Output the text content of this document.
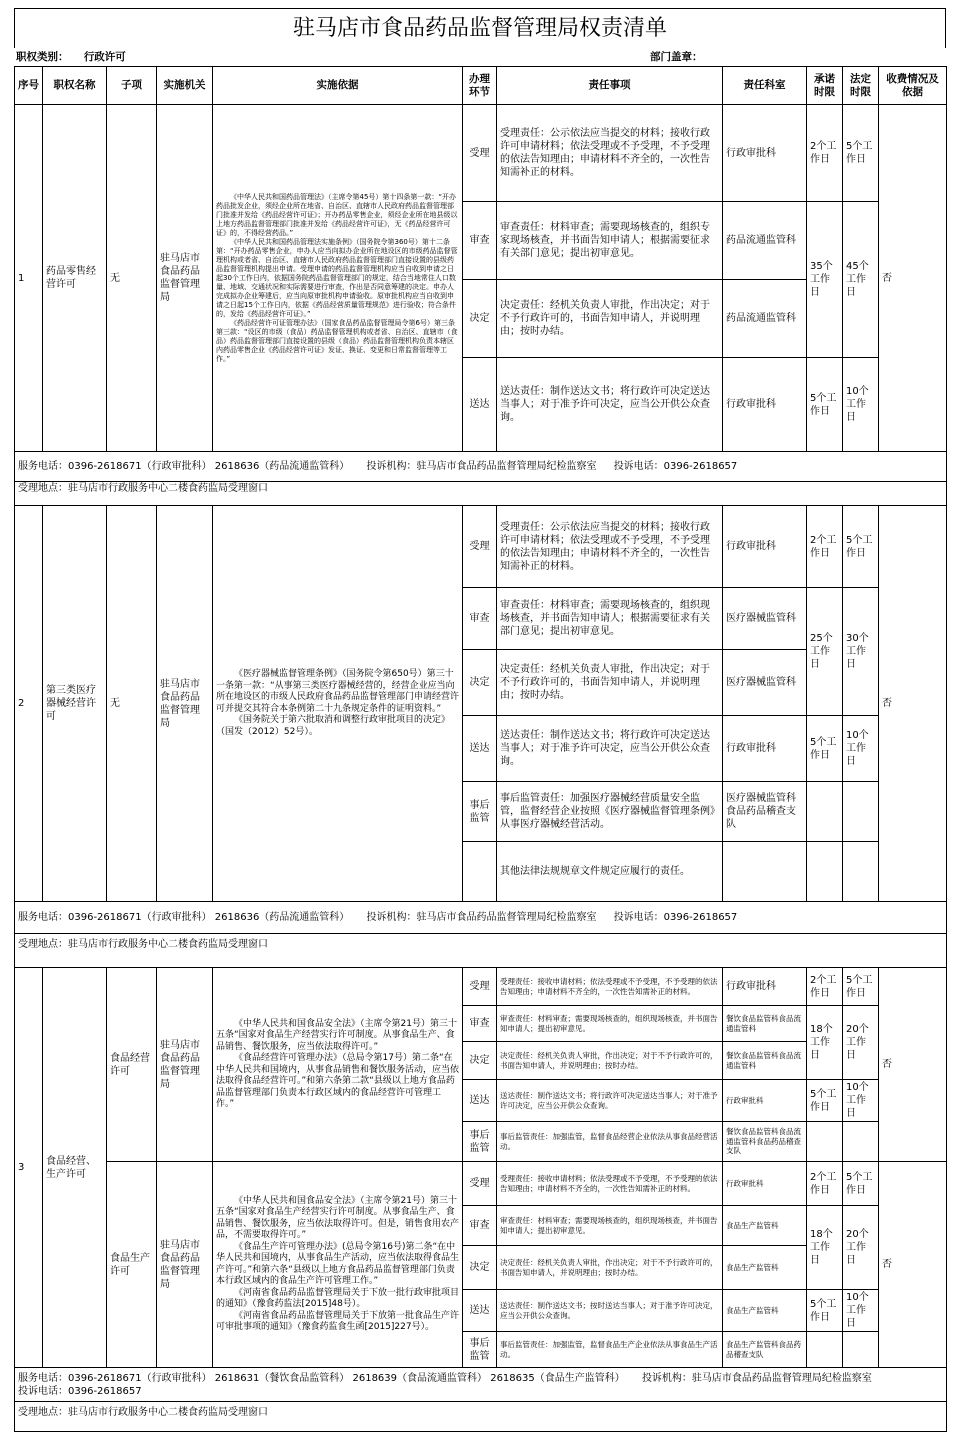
驻马店市食品药品监督管理局权责清单
职权类别： 行政许可	部门盖章：
序号	职权名称	子项	实施机关	实施依据	办理环节	责任事项	责任科室	承诺时限	法定时限	收费情况及依据
1	药品零售经营许可	无	驻马店市食品药品监督管理局	《中华人民共和国药品管理法》（主席令第45号）第十四条第一款：“开办药品批发企业，须经企业所在地省、自治区、直辖市人民政府药品监督管理部门批准并发给《药品经营许可证》；开办药品零售企业，须经企业所在地县级以上地方药品监督管理部门批准并发给《药品经营许可证》，无《药品经营许可证》的，不得经营药品。”

《中华人民共和国药品管理法实施条例》（国务院令第360号）第十二条第：“开办药品零售企业，申办人应当向拟办企业所在地设区的市级药品监督管理机构或者省、自治区、直辖市人民政府药品监督管理部门直接设置的县级药品监督管理机构提出申请。受理申请的药品监督管理机构应当自收到申请之日起30个工作日内，依据国务院药品监督管理部门的规定，结合当地常住人口数量、地域、交通状况和实际需要进行审查，作出是否同意筹建的决定。申办人完成拟办企业筹建后，应当向原审批机构申请验收。原审批机构应当自收到申请之日起15个工作日内，依据《药品经营质量管理规范》进行验收；符合条件的，发给《药品经营许可证》。”

《药品经营许可证管理办法》（国家食品药品监督管理局令第6号）第三条第三款：“设区的市级（食品）药品监督管理机构或者省、自治区、直辖市（食品）药品监督管理部门直接设置的县级（食品）药品监督管理机构负责本辖区内药品零售企业《药品经营许可证》发证、换证、变更和日常监督管理等工作。”	受理	受理责任：公示依法应当提交的材料；接收行政许可申请材料；依法受理或不予受理，不予受理的依法告知理由；申请材料不齐全的，一次性告知需补正的材料。	行政审批科	2个工作日	5个工作日	否
					审查	审查责任：材料审查；需要现场核查的，组织专家现场核查，并书面告知申请人；根据需要征求有关部门意见；提出初审意见。	药品流通监管科	35个工作日	45个工作日	
					决定	决定责任：经机关负责人审批，作出决定；对于不予行政许可的，书面告知申请人，并说明理由；按时办结。	药品流通监管科			
					送达	送达责任：制作送达文书；将行政许可决定送达当事人；对于准予许可决定，应当公开供公众查询。	行政审批科	5个工作日	10个工作日	
服务电话：0396-2618671（行政审批科） 2618636（药品流通监管科） 投诉机构：驻马店市食品药品监督管理局纪检监察室 投诉电话：0396-2618657										
受理地点：驻马店市行政服务中心二楼食药监局受理窗口										
2	第三类医疗器械经营许可	无	驻马店市食品药品监督管理局	《医疗器械监督管理条例》（国务院令第650号）第三十一条第一款：“从事第三类医疗器械经营的，经营企业应当向所在地设区的市级人民政府食品药品监督管理部门申请经营许可并提交其符合本条例第二十九条规定条件的证明资料。”

《国务院关于第六批取消和调整行政审批项目的决定》（国发（2012）52号）。	受理	受理责任：公示依法应当提交的材料；接收行政许可申请材料；依法受理或不予受理，不予受理的依法告知理由；申请材料不齐全的，一次性告知需补正的材料。	行政审批科	2个工作日	5个工作日	否
					审查	审查责任：材料审查；需要现场核查的，组织现场核查，并书面告知申请人；根据需要征求有关部门意见；提出初审意见。	医疗器械监管科	25个工作日	30个工作日	
					决定	决定责任：经机关负责人审批，作出决定；对于不予行政许可的，书面告知申请人，并说明理由；按时办结。	医疗器械监管科			
					送达	送达责任：制作送达文书；将行政许可决定送达当事人；对于准予许可决定，应当公开供公众查询。	行政审批科	5个工作日	10个工作日	
					事后监管	事后监管责任：加强医疗器械经营质量安全监管，监督经营企业按照《医疗器械监督管理条例》从事医疗器械经营活动。	医疗器械监管科食品药品稽查支队			
						其他法律法规规章文件规定应履行的责任。				
服务电话：0396-2618671（行政审批科） 2618636（药品流通监管科） 投诉机构：驻马店市食品药品监督管理局纪检监察室 投诉电话：0396-2618657										
受理地点：驻马店市行政服务中心二楼食药监局受理窗口										
3	食品经营、生产许可	食品经营许可	驻马店市食品药品监督管理局	《中华人民共和国食品安全法》（主席令第21号）第三十五条“国家对食品生产经营实行许可制度。从事食品生产、食品销售、餐饮服务，应当依法取得许可。”

《食品经营许可管理办法》（总局令第17号）第二条“在中华人民共和国境内，从事食品销售和餐饮服务活动，应当依法取得食品经营许可。”和第六条第二款“县级以上地方食品药品监督管理部门负责本行政区域内的食品经营许可管理工作。”	受理	受理责任：接收申请材料；依法受理或不予受理，不予受理的依法告知理由；申请材料不齐全的，一次性告知需补正的材料。	行政审批科	2个工作日	5个工作日	否
					审查	审查责任：材料审查；需要现场核查的，组织现场核查，并书面告知申请人；提出初审意见。	餐饮食品监管科食品流通监管科	18个工作日	20个工作日	
					决定	决定责任：经机关负责人审批，作出决定；对于不予行政许可的，书面告知申请人，并说明理由；按时办结。	餐饮食品监管科食品流通监管科			
					送达	送达责任：制作送达文书；将行政许可决定送达当事人；对于准予许可决定，应当公开供公众查询。	行政审批科	5个工作日	10个工作日	
					事后监管	事后监管责任：加强监管，监督食品经营企业依法从事食品经营活动。	餐饮食品监管科食品流通监管科食品药品稽查支队			
		食品生产许可	驻马店市食品药品监督管理局	《中华人民共和国食品安全法》（主席令第21号）第三十五条“国家对食品生产经营实行许可制度。从事食品生产、食品销售、餐饮服务，应当依法取得许可。但是，销售食用农产品，不需要取得许可。”

《食品生产许可管理办法》(总局令第16号)第二条“在中华人民共和国境内，从事食品生产活动，应当依法取得食品生产许可。”和第六条“县级以上地方食品药品监督管理部门负责本行政区域内的食品生产许可管理工作。”

《河南省食品药品监督管理局关于下放一批行政审批项目的通知》（豫食药监法[2015]48号）。

《河南省食品药品监督管理局关于下放第一批食品生产许可审批事项的通知》（豫食药监食生函[2015]227号）。	受理	受理责任：接收申请材料；依法受理或不予受理，不予受理的依法告知理由；申请材料不齐全的，一次性告知需补正的材料。	行政审批科	2个工作日	5个工作日	否
					审查	审查责任：材料审查；需要现场核查的，组织现场核查，并书面告知申请人；提出初审意见。	食品生产监管科	18个工作日	20个工作日	
					决定	决定责任：经机关负责人审批，作出决定；对于不予行政许可的，书面告知申请人，并说明理由；按时办结。	食品生产监管科			
					送达	送达责任：制作送达文书；按时送达当事人；对于准予许可决定，应当公开供公众查询。	食品生产监管科	5个工作日	10个工作日	
					事后监管	事后监管责任：加强监管，监督食品生产企业依法从事食品生产活动。	食品生产监管科食品药品稽查支队			
服务电话：0396-2618671（行政审批科） 2618631（餐饮食品监管科） 2618639（食品流通监管科） 2618635（食品生产监管科） 投诉机构：驻马店市食品药品监督管理局纪检监察室
投诉电话：0396-2618657										
受理地点：驻马店市行政服务中心二楼食药监局受理窗口										
